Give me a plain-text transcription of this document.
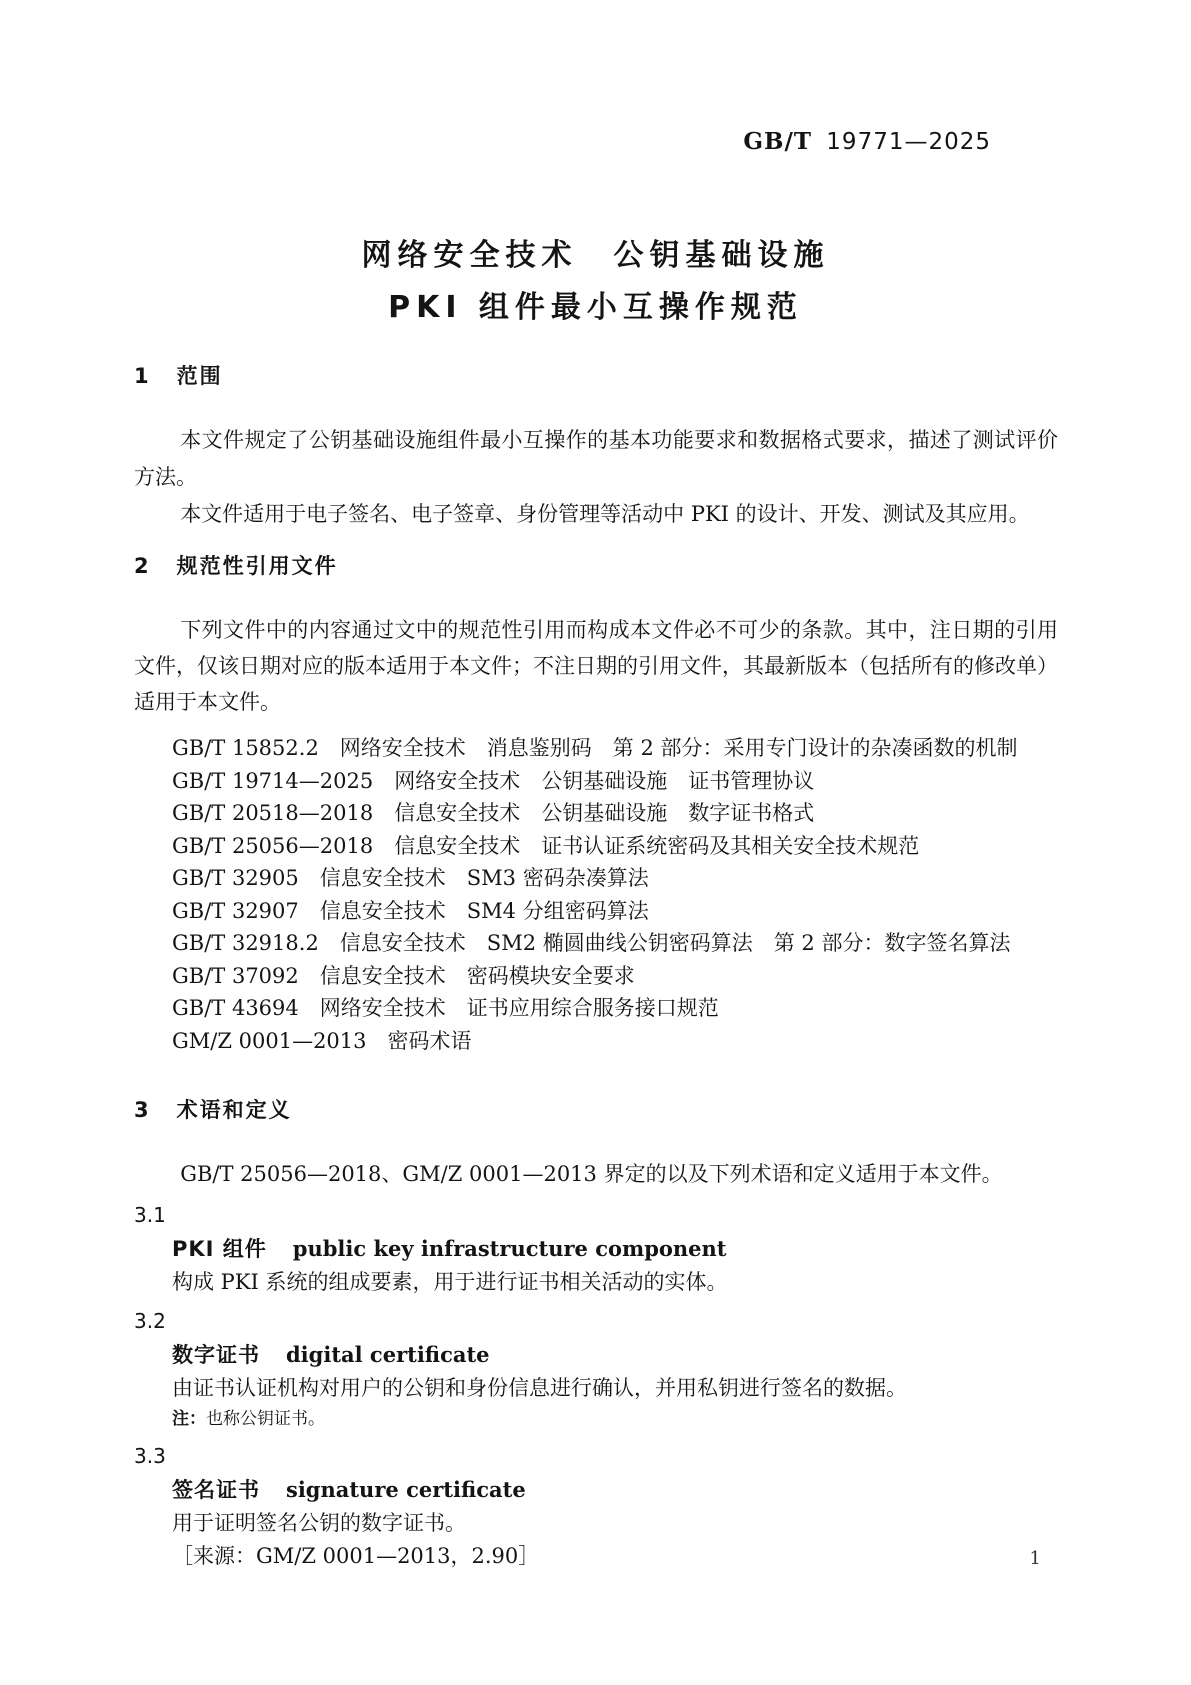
GB/T 19771—2025
网络安全技术　公钥基础设施
PKI 组件最小互操作规范
1 范围

本文件规定了公钥基础设施组件最小互操作的基本功能要求和数据格式要求，描述了测试评价方法。

本文件适用于电子签名、电子签章、身份管理等活动中 PKI 的设计、开发、测试及其应用。

2 规范性引用文件

下列文件中的内容通过文中的规范性引用而构成本文件必不可少的条款。其中，注日期的引用文件，仅该日期对应的版本适用于本文件；不注日期的引用文件，其最新版本（包括所有的修改单）适用于本文件。

GB/T 15852.2　网络安全技术　消息鉴别码　第 2 部分：采用专门设计的杂凑函数的机制
GB/T 19714—2025　网络安全技术　公钥基础设施　证书管理协议
GB/T 20518—2018　信息安全技术　公钥基础设施　数字证书格式
GB/T 25056—2018　信息安全技术　证书认证系统密码及其相关安全技术规范
GB/T 32905　信息安全技术　SM3 密码杂凑算法
GB/T 32907　信息安全技术　SM4 分组密码算法
GB/T 32918.2　信息安全技术　SM2 椭圆曲线公钥密码算法　第 2 部分：数字签名算法
GB/T 37092　信息安全技术　密码模块安全要求
GB/T 43694　网络安全技术　证书应用综合服务接口规范
GM/Z 0001—2013　密码术语
3 术语和定义

GB/T 25056—2018、GM/Z 0001—2013 界定的以及下列术语和定义适用于本文件。

3.1
PKI 组件 public key infrastructure component
构成 PKI 系统的组成要素，用于进行证书相关活动的实体。
3.2
数字证书 digital certificate
由证书认证机构对用户的公钥和身份信息进行确认，并用私钥进行签名的数据。
注：也称公钥证书。
3.3
签名证书 signature certificate
用于证明签名公钥的数字证书。
［来源：GM/Z 0001—2013，2.90］	1
